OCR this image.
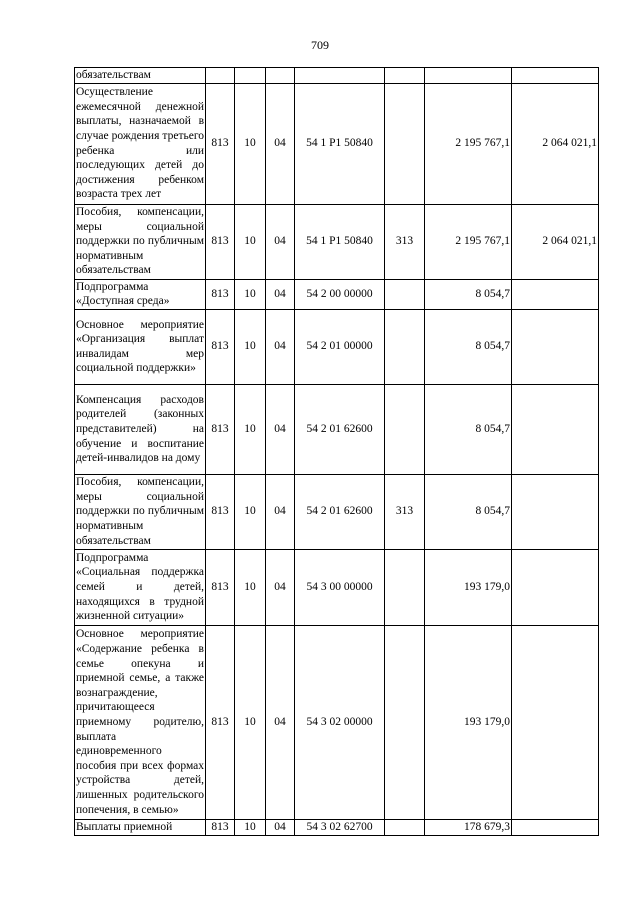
709
обязательствам							
Осуществление ежемесячной денежной выплаты, назначаемой в случае рождения третьего ребенка или последующих детей до достижения ребенком возраста трех лет	813	10	04	54 1 P1 50840		2 195 767,1	2 064 021,1
Пособия, компенсации, меры социальной поддержки по публичным нормативным обязательствам	813	10	04	54 1 P1 50840	313	2 195 767,1	2 064 021,1
Подпрограмма «Доступная среда»	813	10	04	54 2 00 00000		8 054,7	
Основное мероприятие «Организация выплат инвалидам мер социальной поддержки»	813	10	04	54 2 01 00000		8 054,7	
Компенсация расходов родителей (законных представителей) на обучение и воспитание детей-инвалидов на дому	813	10	04	54 2 01 62600		8 054,7	
Пособия, компенсации, меры социальной поддержки по публичным нормативным обязательствам	813	10	04	54 2 01 62600	313	8 054,7	
Подпрограмма «Социальная поддержка семей и детей, находящихся в трудной жизненной ситуации»	813	10	04	54 3 00 00000		193 179,0	
Основное мероприятие «Содержание ребенка в семье опекуна и приемной семье, а также вознаграждение, причитающееся приемному родителю, выплата единовременного пособия при всех формах устройства детей, лишенных родительского попечения, в семью»	813	10	04	54 3 02 00000		193 179,0	
Выплаты приемной	813	10	04	54 3 02 62700		178 679,3	
